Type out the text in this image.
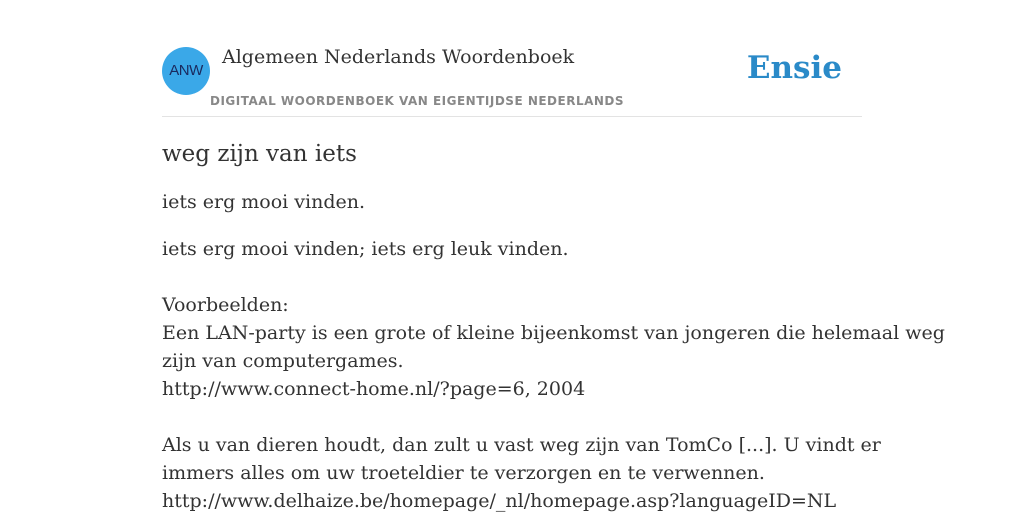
ANW
Algemeen Nederlands Woordenboek
DIGITAAL WOORDENBOEK VAN EIGENTIJDSE NEDERLANDS
Ensie
weg zijn van iets

iets erg mooi vinden.

iets erg mooi vinden; iets erg leuk vinden.

Voorbeelden:
Een LAN-party is een grote of kleine bijeenkomst van jongeren die helemaal weg
zijn van computergames.
http://www.connect-home.nl/?page=6, 2004
Als u van dieren houdt, dan zult u vast weg zijn van TomCo [...]. U vindt er
immers alles om uw troeteldier te verzorgen en te verwennen.
http://www.delhaize.be/homepage/_nl/homepage.asp?languageID=NL
